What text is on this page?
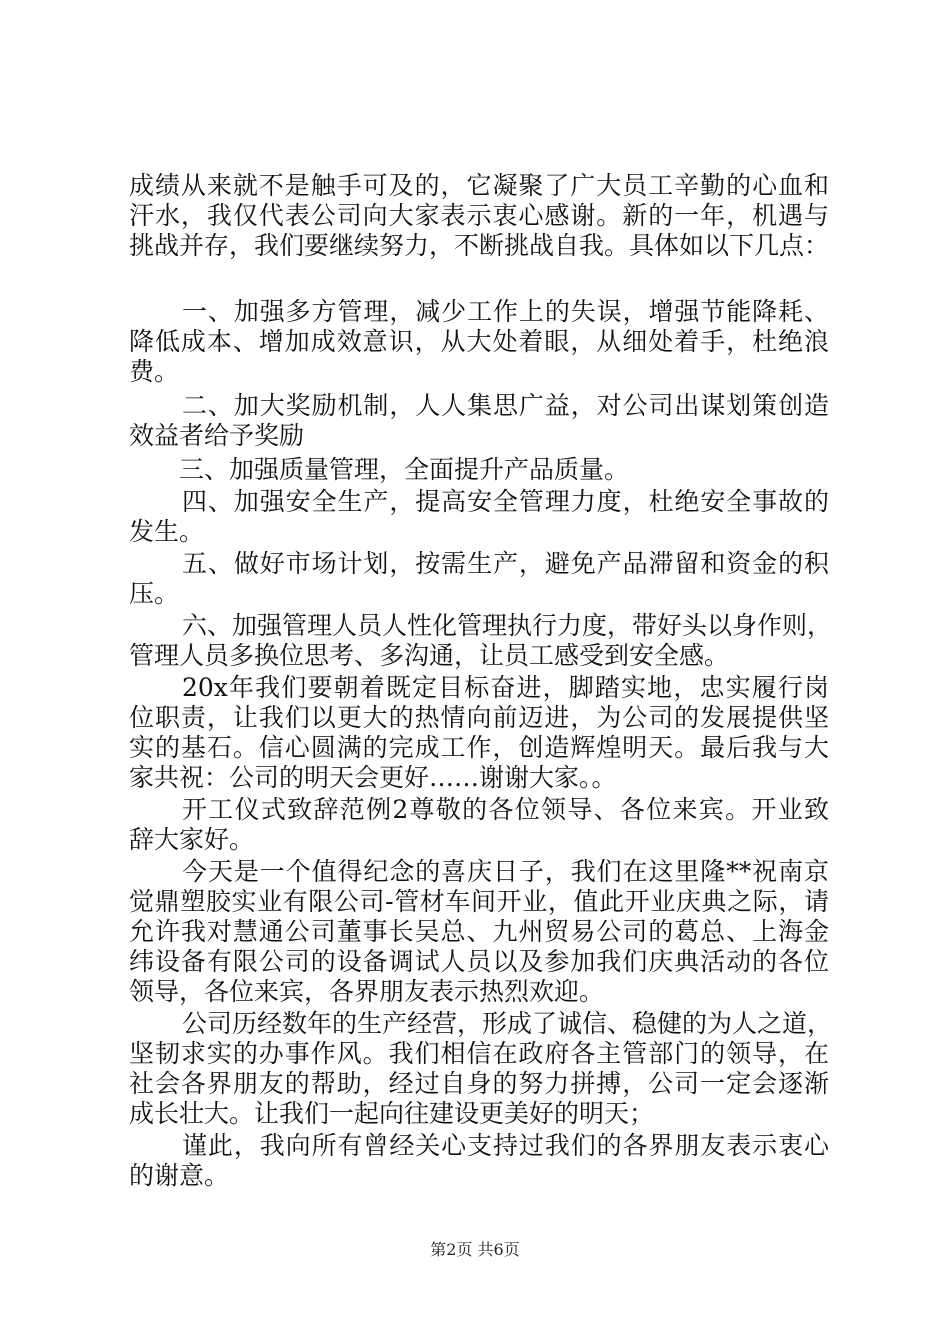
成绩从来就不是触手可及的，它凝聚了广大员工辛勤的心血和
汗水，我仅代表公司向大家表示衷心感谢。新的一年，机遇与
挑战并存，我们要继续努力，不断挑战自我。具体如以下几点：
一、加强多方管理，减少工作上的失误，增强节能降耗、
降低成本、增加成效意识，从大处着眼，从细处着手，杜绝浪
费。
二、加大奖励机制，人人集思广益，对公司出谋划策创造
效益者给予奖励
三、加强质量管理，全面提升产品质量。
四、加强安全生产，提高安全管理力度，杜绝安全事故的
发生。
五、做好市场计划，按需生产，避免产品滞留和资金的积
压。
六、加强管理人员人性化管理执行力度，带好头以身作则，
管理人员多换位思考、多沟通，让员工感受到安全感。
20x年我们要朝着既定目标奋进，脚踏实地，忠实履行岗
位职责，让我们以更大的热情向前迈进，为公司的发展提供坚
实的基石。信心圆满的完成工作，创造辉煌明天。最后我与大
家共祝：公司的明天会更好……谢谢大家。。
开工仪式致辞范例2尊敬的各位领导、各位来宾。开业致
辞大家好。
今天是一个值得纪念的喜庆日子，我们在这里隆**祝南京
觉鼎塑胶实业有限公司-管材车间开业，值此开业庆典之际，请
允许我对慧通公司董事长吴总、九州贸易公司的葛总、上海金
纬设备有限公司的设备调试人员以及参加我们庆典活动的各位
领导，各位来宾，各界朋友表示热烈欢迎。
公司历经数年的生产经营，形成了诚信、稳健的为人之道，
坚韧求实的办事作风。我们相信在政府各主管部门的领导，在
社会各界朋友的帮助，经过自身的努力拼搏，公司一定会逐渐
成长壮大。让我们一起向往建设更美好的明天；
谨此，我向所有曾经关心支持过我们的各界朋友表示衷心
的谢意。
第2页 共6页
